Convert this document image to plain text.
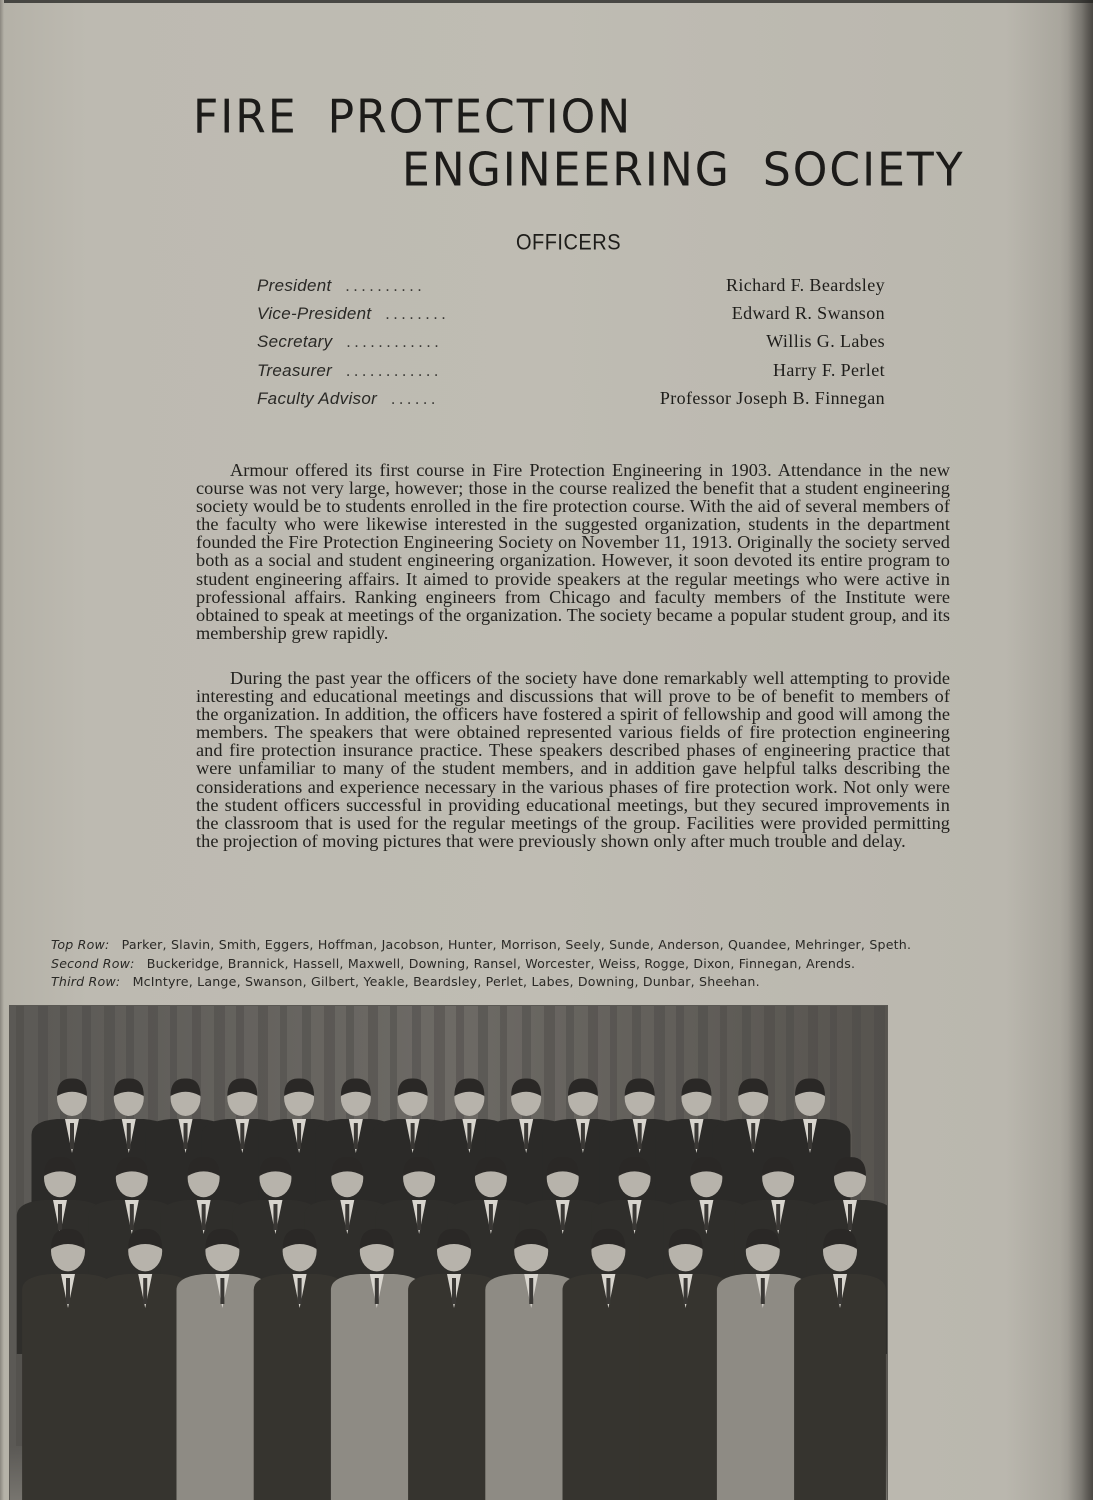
FIRE PROTECTION
ENGINEERING SOCIETY
OFFICERS
President . . . . . . . . . .	Richard F. Beardsley
Vice-President . . . . . . . .	Edward R. Swanson
Secretary . . . . . . . . . . . .	Willis G. Labes
Treasurer . . . . . . . . . . . .	Harry F. Perlet
Faculty Advisor . . . . . .	Professor Joseph B. Finnegan

Armour offered its first course in Fire Protection Engineering in 1903. Attendance in the new course was not very large, however; those in the course realized the benefit that a student engineering society would be to students enrolled in the fire protection course. With the aid of several members of the faculty who were likewise interested in the suggested organization, students in the department founded the Fire Protection Engineering Society on November 11, 1913. Originally the society served both as a social and student engineering organization. However, it soon devoted its entire program to student engineering affairs. It aimed to provide speakers at the regular meetings who were active in professional affairs. Ranking engineers from Chicago and faculty members of the Institute were obtained to speak at meetings of the organization. The society became a popular student group, and its membership grew rapidly.

During the past year the officers of the society have done remarkably well attempting to provide interesting and educational meetings and discussions that will prove to be of benefit to members of the organization. In addition, the officers have fostered a spirit of fellowship and good will among the members. The speakers that were obtained represented various fields of fire protection engineering and fire protection insurance practice. These speakers described phases of engineering practice that were unfamiliar to many of the student members, and in addition gave helpful talks describing the considerations and experience necessary in the various phases of fire protection work. Not only were the student officers successful in providing educational meetings, but they secured improvements in the classroom that is used for the regular meetings of the group. Facilities were provided permitting the projection of moving pictures that were previously shown only after much trouble and delay.

Top Row: Parker, Slavin, Smith, Eggers, Hoffman, Jacobson, Hunter, Morrison, Seely, Sunde, Anderson, Quandee, Mehringer, Speth.
Second Row: Buckeridge, Brannick, Hassell, Maxwell, Downing, Ransel, Worcester, Weiss, Rogge, Dixon, Finnegan, Arends.
Third Row: McIntyre, Lange, Swanson, Gilbert, Yeakle, Beardsley, Perlet, Labes, Downing, Dunbar, Sheehan.
